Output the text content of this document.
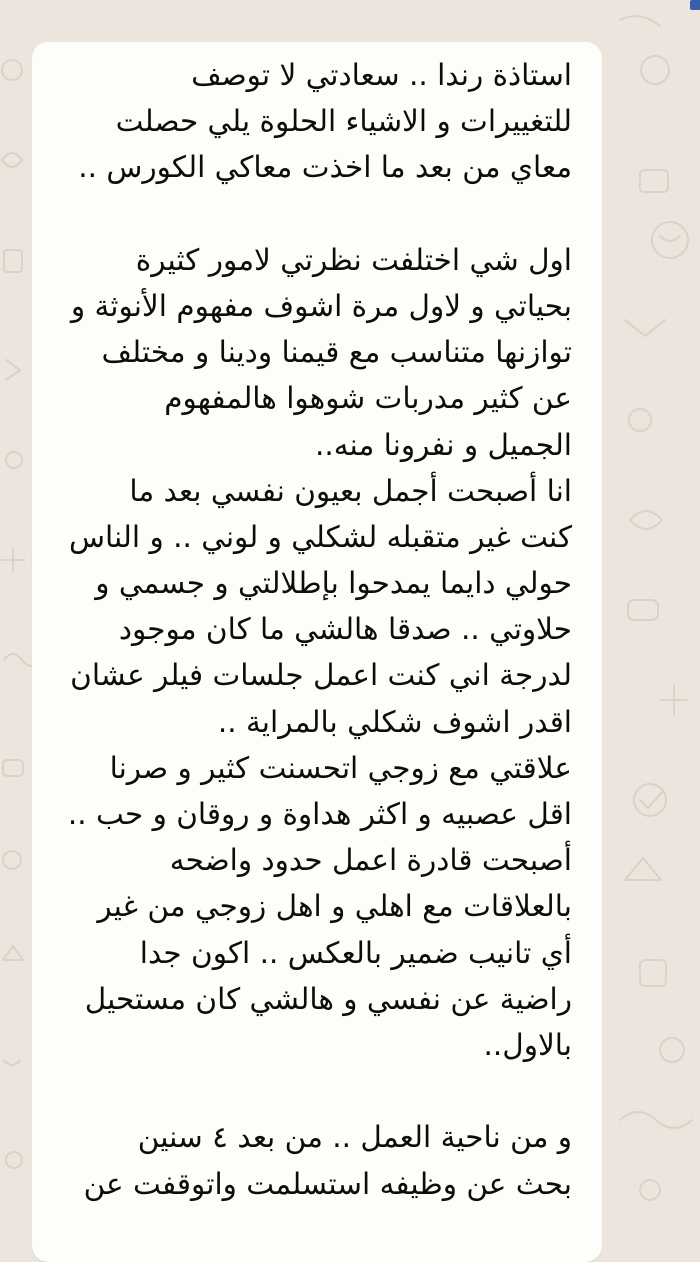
استاذة رندا .. سعادتي لا توصف
للتغييرات و الاشياء الحلوة يلي حصلت
معاي من بعد ما اخذت معاكي الكورس ..
اول شي اختلفت نظرتي لامور كثيرة
بحياتي و لاول مرة اشوف مفهوم الأنوثة و
توازنها متناسب مع قيمنا ودينا و مختلف
عن كثير مدربات شوهوا هالمفهوم
الجميل و نفرونا منه..
انا أصبحت أجمل بعيون نفسي بعد ما
كنت غير متقبله لشكلي و لوني .. و الناس
حولي دايما يمدحوا بإطلالتي و جسمي و
حلاوتي .. صدقا هالشي ما كان موجود
لدرجة اني كنت اعمل جلسات فيلر عشان
اقدر اشوف شكلي بالمراية ..
علاقتي مع زوجي اتحسنت كثير و صرنا
اقل عصبيه و اكثر هداوة و روقان و حب ..
أصبحت قادرة اعمل حدود واضحه
بالعلاقات مع اهلي و اهل زوجي من غير
أي تانيب ضمير بالعكس .. اكون جدا
راضية عن نفسي و هالشي كان مستحيل
بالاول..
و من ناحية العمل .. من بعد ٤ سنين
بحث عن وظيفه استسلمت واتوقفت عن
